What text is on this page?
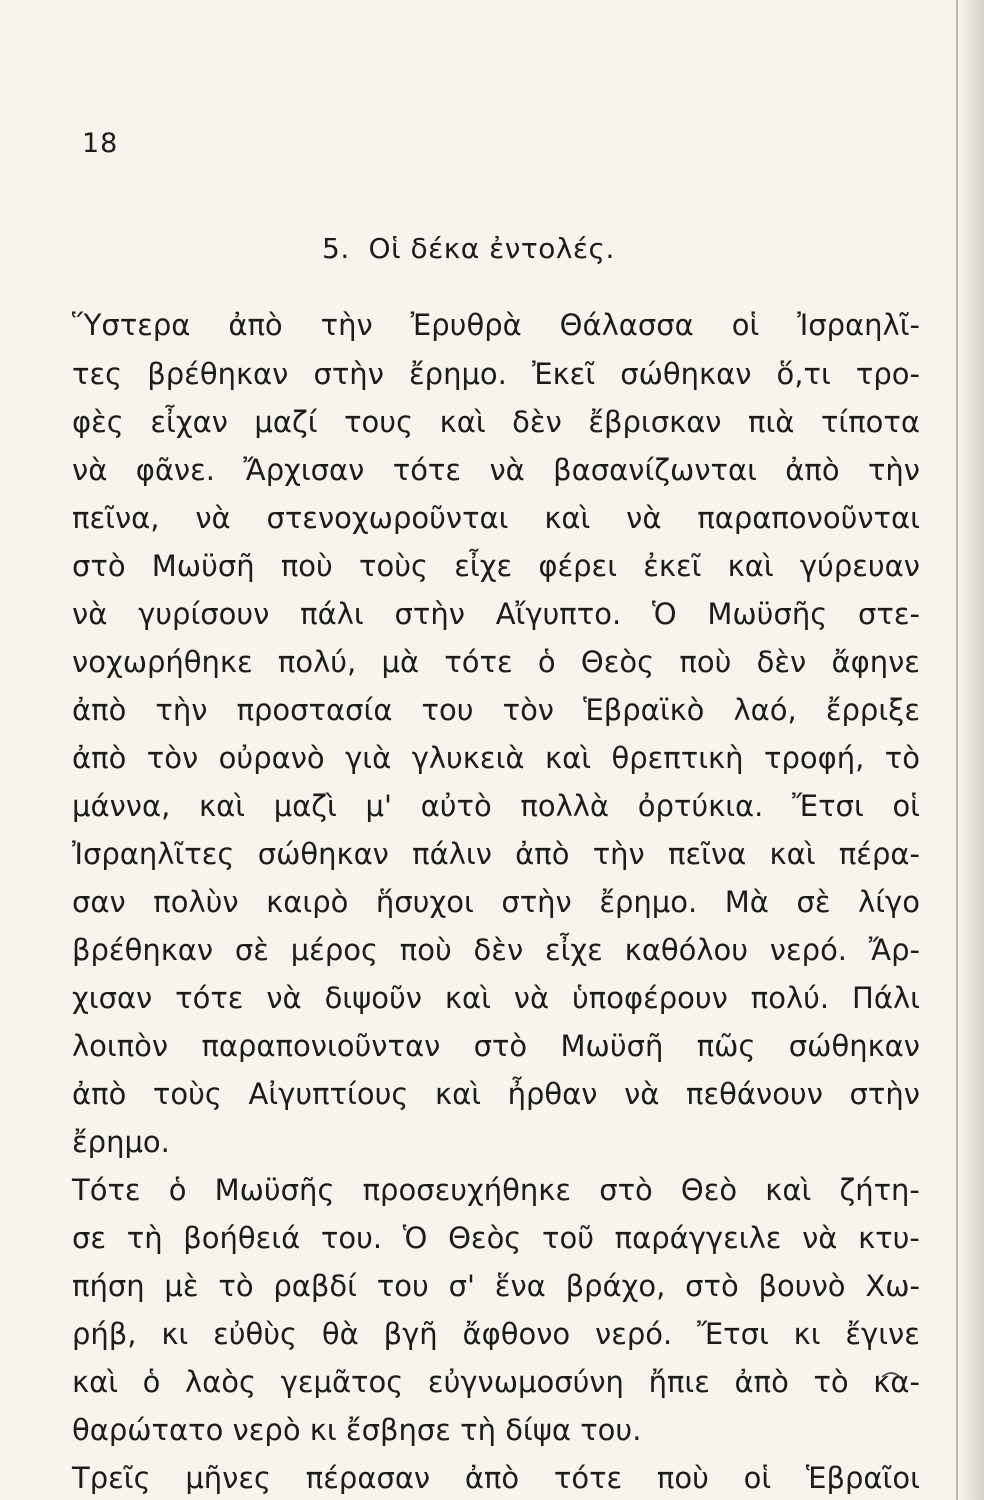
18
5. Οἱ δέκα ἐντολές.
Ὕστερα ἀπὸ τὴν Ἐρυθρὰ Θάλασσα οἱ Ἰσραηλῖ-
τες βρέθηκαν στὴν ἔρημο. Ἐκεῖ σώθηκαν ὅ,τι τρο-
φὲς εἶχαν μαζί τους καὶ δὲν ἔβρισκαν πιὰ τίποτα
νὰ φᾶνε. Ἄρχισαν τότε νὰ βασανίζωνται ἀπὸ τὴν
πεῖνα, νὰ στενοχωροῦνται καὶ νὰ παραπονοῦνται
στὸ Μωϋσῆ ποὺ τοὺς εἶχε φέρει ἐκεῖ καὶ γύρευαν
νὰ γυρίσουν πάλι στὴν Αἴγυπτο. Ὁ Μωϋσῆς στε-
νοχωρήθηκε πολύ, μὰ τότε ὁ Θεὸς ποὺ δὲν ἄφηνε
ἀπὸ τὴν προστασία του τὸν Ἑβραϊκὸ λαό, ἔρριξε
ἀπὸ τὸν οὐρανὸ γιὰ γλυκειὰ καὶ θρεπτικὴ τροφή, τὸ
μάννα, καὶ μαζὶ μ' αὐτὸ πολλὰ ὀρτύκια. Ἔτσι οἱ
Ἰσραηλῖτες σώθηκαν πάλιν ἀπὸ τὴν πεῖνα καὶ πέρα-
σαν πολὺν καιρὸ ἥσυχοι στὴν ἔρημο. Μὰ σὲ λίγο
βρέθηκαν σὲ μέρος ποὺ δὲν εἶχε καθόλου νερό. Ἄρ-
χισαν τότε νὰ διψοῦν καὶ νὰ ὑποφέρουν πολύ. Πάλι
λοιπὸν παραπονιοῦνταν στὸ Μωϋσῆ πῶς σώθηκαν
ἀπὸ τοὺς Αἰγυπτίους καὶ ἦρθαν νὰ πεθάνουν στὴν
ἔρημο.
Τότε ὁ Μωϋσῆς προσευχήθηκε στὸ Θεὸ καὶ ζήτη-
σε τὴ βοήθειά του. Ὁ Θεὸς τοῦ παράγγειλε νὰ κτυ-
πήση μὲ τὸ ραβδί του σ' ἕνα βράχο, στὸ βουνὸ Χω-
ρήβ, κι εὐθὺς θὰ βγῆ ἄφθονο νερό. Ἔτσι κι ἔγινε
καὶ ὁ λαὸς γεμᾶτος εὐγνωμοσύνη ἤπιε ἀπὸ τὸ κα-
θαρώτατο νερὸ κι ἔσβησε τὴ δίψα του.
Τρεῖς μῆνες πέρασαν ἀπὸ τότε ποὺ οἱ Ἑβραῖοι
